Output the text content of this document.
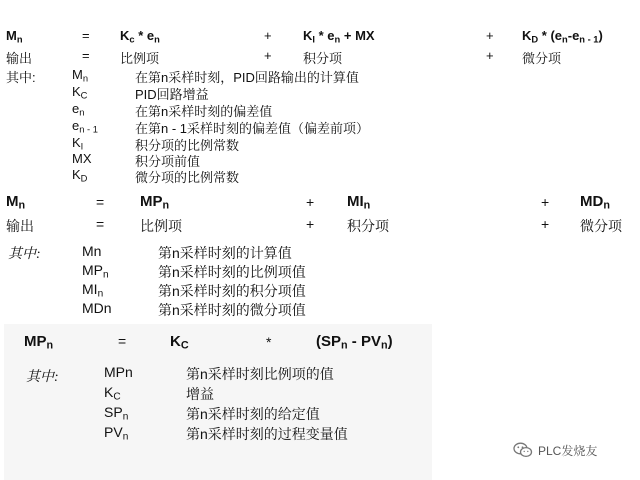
$M_n$	= $K_c * e_n$	+ $K_I * e_n$ + MX	+ $K_D * (e_n-e_{n - 1})$
输出	= 比例项	+ 积分项	+ 微分项
其中:	$M_n$	在第n采样时刻，PID回路输出的计算值
$K_C$	PID回路增益
$e_n$	在第n采样时刻的偏差值
$e_{n - 1}$	在第n - 1采样时刻的偏差值（偏差前项）
$K_I$	积分项的比例常数
MX	积分项前值
$K_D$	微分项的比例常数
$M_n$	= $MP_n$	+ $MI_n$	+ $MD_n$
输出	=	比例项	+ 积分项	+ 微分项
其中:	Mn	第n采样时刻的计算值
$MP_n$	第n采样时刻的比例项值
$MI_n$	第n采样时刻的积分项值
MDn	第n采样时刻的微分项值
$MP_n$	=	$K_C$	*	$(SP_n - PV_n)$
其中:	MPn	第n采样时刻比例项的值
$K_C$	增益
$SP_n$	第n采样时刻的给定值
$PV_n$	第n采样时刻的过程变量值
PLC发烧友
